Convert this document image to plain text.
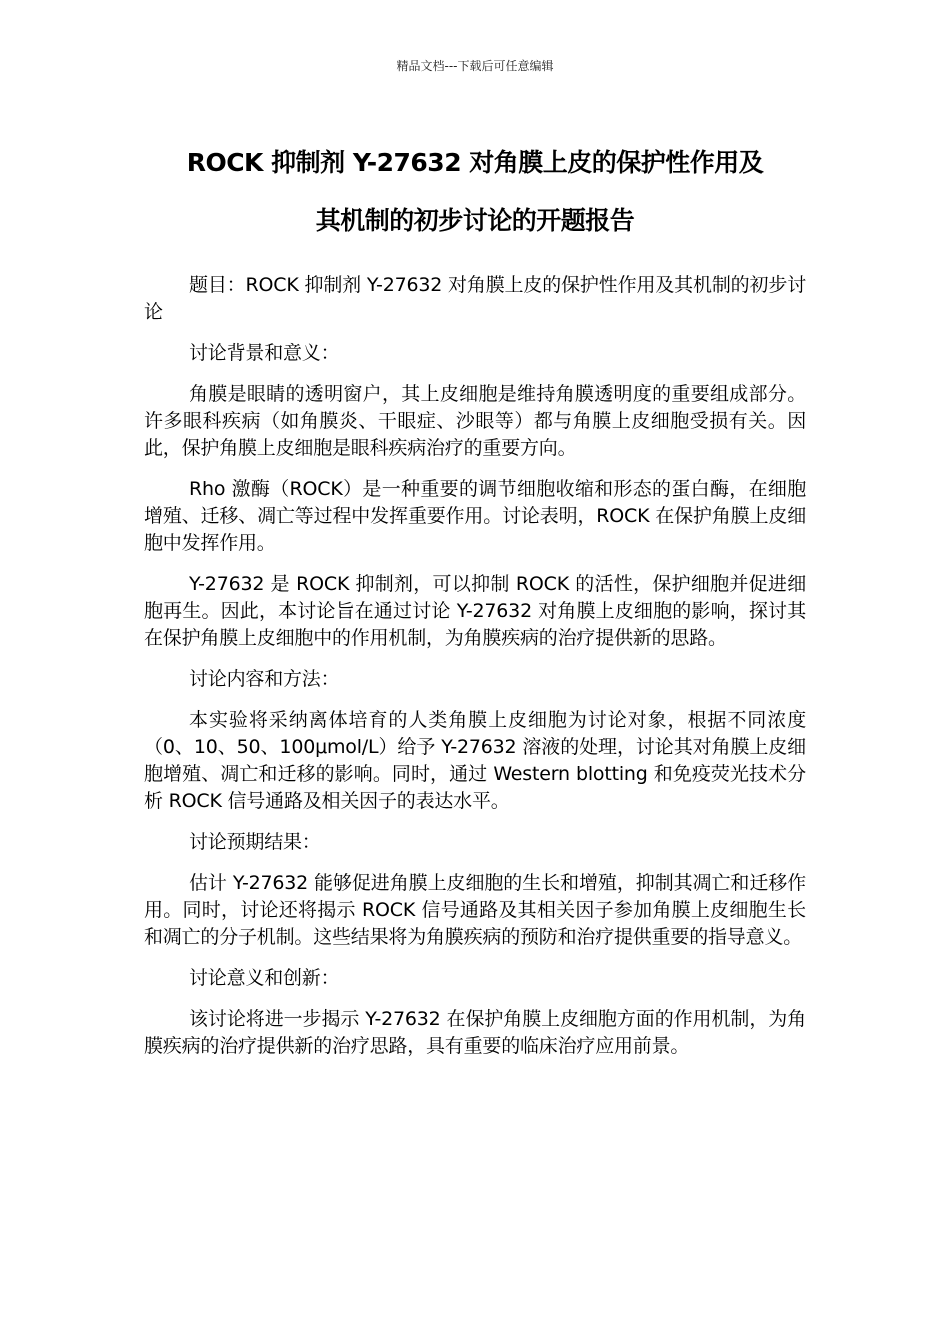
精品文档---下载后可任意编辑
ROCK 抑制剂 Y-27632 对角膜上皮的保护性作用及
其机制的初步讨论的开题报告

题目：ROCK 抑制剂 Y-27632 对角膜上皮的保护性作用及其机制的初步讨论

讨论背景和意义：

角膜是眼睛的透明窗户，其上皮细胞是维持角膜透明度的重要组成部分。许多眼科疾病（如角膜炎、干眼症、沙眼等）都与角膜上皮细胞受损有关。因此，保护角膜上皮细胞是眼科疾病治疗的重要方向。

Rho 激酶（ROCK）是一种重要的调节细胞收缩和形态的蛋白酶，在细胞增殖、迁移、凋亡等过程中发挥重要作用。讨论表明，ROCK 在保护角膜上皮细胞中发挥作用。

Y-27632 是 ROCK 抑制剂，可以抑制 ROCK 的活性，保护细胞并促进细胞再生。因此，本讨论旨在通过讨论 Y-27632 对角膜上皮细胞的影响，探讨其在保护角膜上皮细胞中的作用机制，为角膜疾病的治疗提供新的思路。

讨论内容和方法：

本实验将采纳离体培育的人类角膜上皮细胞为讨论对象，根据不同浓度（0、10、50、100μmol/L）给予 Y-27632 溶液的处理，讨论其对角膜上皮细胞增殖、凋亡和迁移的影响。同时，通过 Western blotting 和免疫荧光技术分析 ROCK 信号通路及相关因子的表达水平。

讨论预期结果：

估计 Y-27632 能够促进角膜上皮细胞的生长和增殖，抑制其凋亡和迁移作用。同时，讨论还将揭示 ROCK 信号通路及其相关因子参加角膜上皮细胞生长和凋亡的分子机制。这些结果将为角膜疾病的预防和治疗提供重要的指导意义。

讨论意义和创新：

该讨论将进一步揭示 Y-27632 在保护角膜上皮细胞方面的作用机制，为角膜疾病的治疗提供新的治疗思路，具有重要的临床治疗应用前景。
